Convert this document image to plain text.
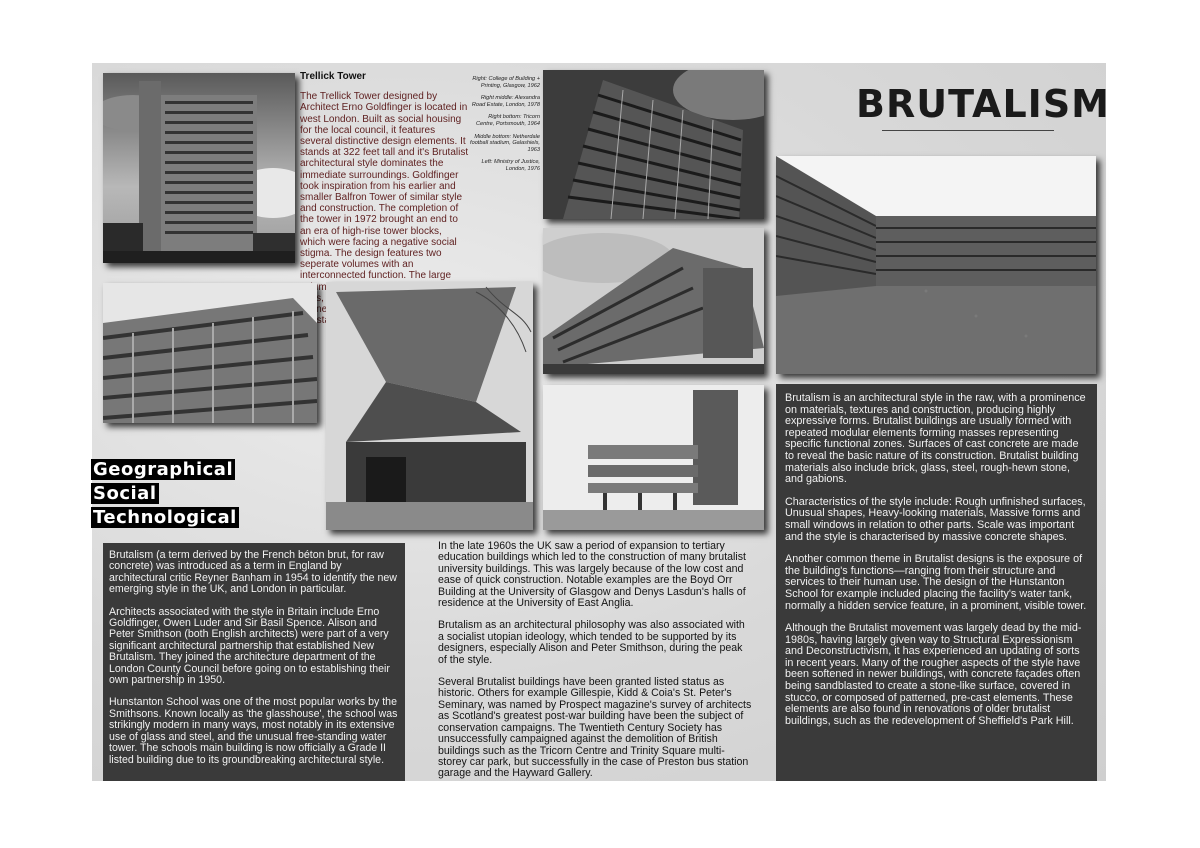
Trellick Tower
The Trellick Tower designed by Architect Erno Goldfinger is located in west London. Built as social housing for the local council, it features several distinctive design elements. It stands at 322 feet tall and it's Brutalist architectural style dominates the immediate surroundings. Goldfinger took inspiration from his earlier and smaller Balfron Tower of similar style and construction. The completion of the tower in 1972 brought an end to an era of high-rise tower blocks, which were facing a negative social stigma. The design features two seperate volumes with an interconnected function. The large connects
Right: College of Building + Printing, Glasgow, 1962
Right middle: Alexandra Road Estate, London, 1978
Right bottom: Tricorn Centre, Portsmouth, 1964
Middle bottom: Netherdale football stadium, Galashiels, 1963
Left: Ministry of Justice, London, 1976
BRUTALISM
Geographical
Social
Technological

Brutalism (a term derived by the French béton brut, for raw concrete) was introduced as a term in England by architectural critic Reyner Banham in 1954 to identify the new emerging style in the UK, and London in particular.

Architects associated with the style in Britain include Erno Goldfinger, Owen Luder and Sir Basil Spence. Alison and Peter Smithson (both English architects) were part of a very significant architectural partnership that established New Brutalism. They joined the architecture department of the London County Council before going on to establishing their own partnership in 1950.

Hunstanton School was one of the most popular works by the Smithsons. Known locally as 'the glasshouse', the school was strikingly modern in many ways, most notably in its extensive use of glass and steel, and the unusual free-standing water tower. The schools main building is now officially a Grade II listed building due to its groundbreaking architectural style.

In the late 1960s the UK saw a period of expansion to tertiary education buildings which led to the construction of many brutalist university buildings. This was largely because of the low cost and ease of quick construction. Notable examples are the Boyd Orr Building at the University of Glasgow and Denys Lasdun's halls of residence at the University of East Anglia.

Brutalism as an architectural philosophy was also associated with a socialist utopian ideology, which tended to be supported by its designers, especially Alison and Peter Smithson, during the peak of the style.

Several Brutalist buildings have been granted listed status as historic. Others for example Gillespie, Kidd & Coia's St. Peter's Seminary, was named by Prospect magazine's survey of architects as Scotland's greatest post-war building have been the subject of conservation campaigns. The Twentieth Century Society has unsuccessfully campaigned against the demolition of British buildings such as the Tricorn Centre and Trinity Square multi-storey car park, but successfully in the case of Preston bus station garage and the Hayward Gallery.

Brutalism is an architectural style in the raw, with a prominence on materials, textures and construction, producing highly expressive forms. Brutalist buildings are usually formed with repeated modular elements forming masses representing specific functional zones. Surfaces of cast concrete are made to reveal the basic nature of its construction. Brutalist building materials also include brick, glass, steel, rough-hewn stone, and gabions.

Characteristics of the style include: Rough unfinished surfaces, Unusual shapes, Heavy-looking materials, Massive forms and small windows in relation to other parts. Scale was important and the style is characterised by massive concrete shapes.

Another common theme in Brutalist designs is the exposure of the building's functions—ranging from their structure and services to their human use. The design of the Hunstanton School for example included placing the facility's water tank, normally a hidden service feature, in a prominent, visible tower.

Although the Brutalist movement was largely dead by the mid-1980s, having largely given way to Structural Expressionism and Deconstructivism, it has experienced an updating of sorts in recent years. Many of the rougher aspects of the style have been softened in newer buildings, with concrete façades often being sandblasted to create a stone-like surface, covered in stucco, or composed of patterned, pre-cast elements. These elements are also found in renovations of older brutalist buildings, such as the redevelopment of Sheffield's Park Hill.
